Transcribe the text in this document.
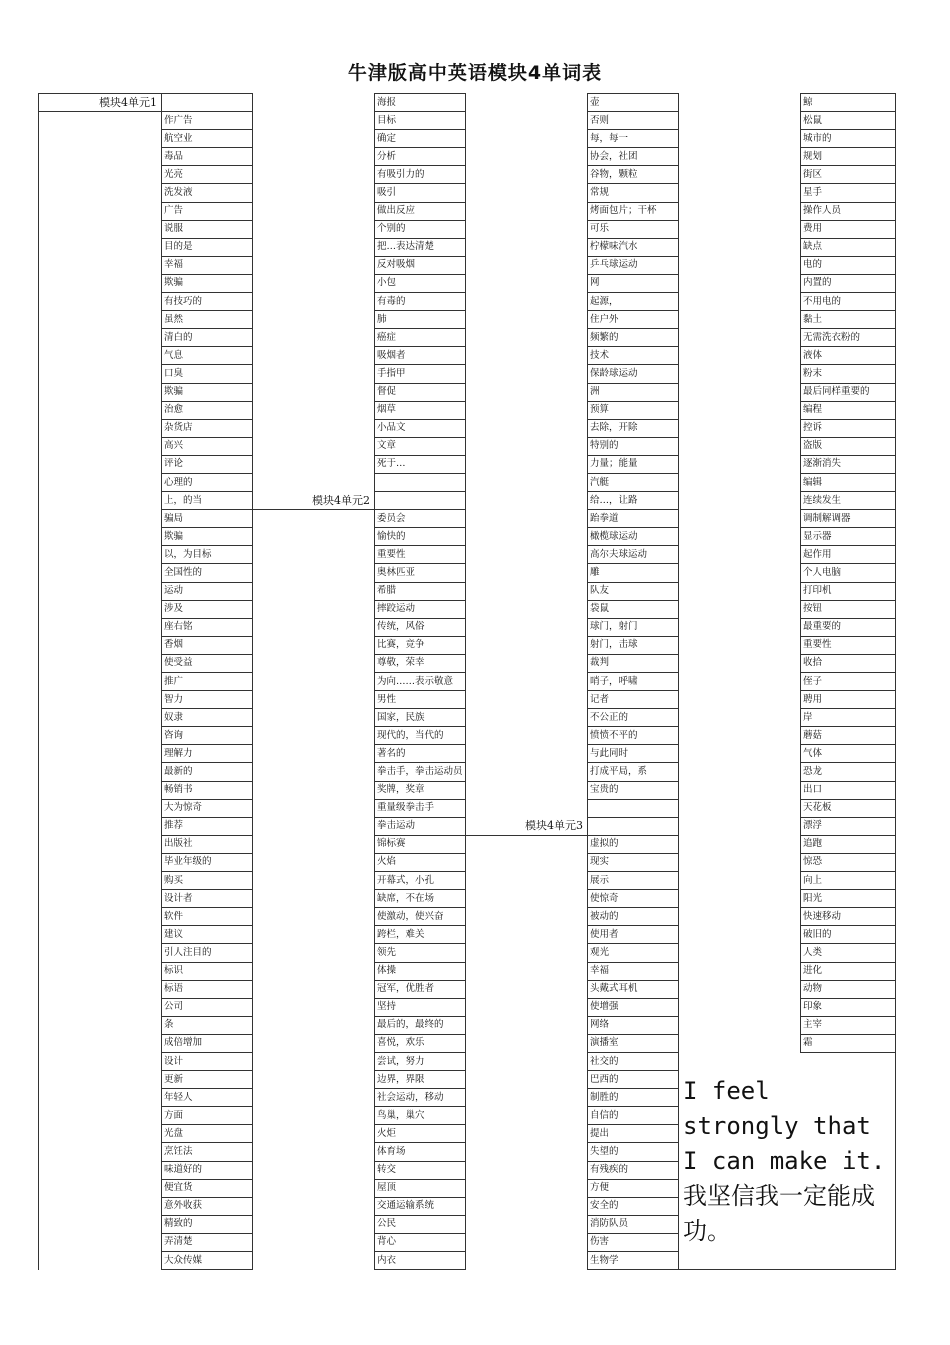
牛津版高中英语模块4单词表
模块4单元1			海报		壶		鲸
	作广告		目标		否则		松鼠
	航空业		确定		每，每一		城市的
	毒品		分析		协会，社团		规划
	光亮		有吸引力的		谷物，颗粒		街区
	洗发液		吸引		常规		星手
	广告		做出反应		烤面包片；干杯		操作人员
	说服		个别的		可乐		费用
	目的是		把…表达清楚		柠檬味汽水		缺点
	幸福		反对吸烟		乒乓球运动		电的
	欺骗		小包		网		内置的
	有技巧的		有毒的		起源，		不用电的
	虽然		肺		住户外		黏土
	清白的		癌症		频繁的		无需洗衣粉的
	气息		吸烟者		技术		液体
	口臭		手指甲		保龄球运动		粉末
	欺骗		督促		洲		最后同样重要的
	治愈		烟草		预算		编程
	杂货店		小品文		去除，开除		控诉
	高兴		文章		特别的		盗版
	评论		死于…		力量；能量		逐渐消失
	心理的				汽艇		编辑
	上，的当	模块4单元2			给…，让路		连续发生
	骗局		委员会		跆拳道		调制解调器
	欺骗		愉快的		橄榄球运动		显示器
	以，为目标		重要性		高尔夫球运动		起作用
	全国性的		奥林匹亚		雕		个人电脑
	运动		希腊		队友		打印机
	涉及		摔跤运动		袋鼠		按钮
	座右铭		传统，风俗		球门，射门		最重要的
	香烟		比赛，竞争		射门，击球		重要性
	使受益		尊敬，荣幸		裁判		收拾
	推广		为向……表示敬意		哨子，呼啸		侄子
	智力		男性		记者		聘用
	奴隶		国家，民族		不公正的		岸
	咨询		现代的，当代的		愤愤不平的		蘑菇
	理解力		著名的		与此同时		气体
	最新的		拳击手，拳击运动员		打成平局，系		恐龙
	畅销书		奖牌，奖章		宝贵的		出口
	大为惊奇		重量级拳击手				天花板
	推荐		拳击运动	模块4单元3			漂浮
	出版社		锦标赛		虚拟的		追跑
	毕业年级的		火焰		现实		惊恐
	购买		开幕式，小孔		展示		向上
	设计者		缺席，不在场		使惊奇		阳光
	软件		使激动，使兴奋		被动的		快速移动
	建议		跨栏，难关		使用者		破旧的
	引人注目的		领先		观光		人类
	标识		体操		幸福		进化
	标语		冠军，优胜者		头戴式耳机		动物
	公司		坚持		使增强		印象
	条		最后的，最终的		网络		主宰
	成倍增加		喜悦，欢乐		演播室		霜
	设计		尝试，努力		社交的	I feel strongly that I can make it. 我坚信我一定能成功。	
	更新		边界，界限		巴西的		
	年轻人		社会运动，移动		制胜的		
	方面		鸟巢，巢穴		自信的		
	光盘		火炬		提出		
	烹饪法		体育场		失望的		
	味道好的		转交		有残疾的		
	便宜货		屋顶		方便		
	意外收获		交通运输系统		安全的		
	精致的		公民		消防队员		
	弄清楚		背心		伤害		
	大众传媒		内衣		生物学		
